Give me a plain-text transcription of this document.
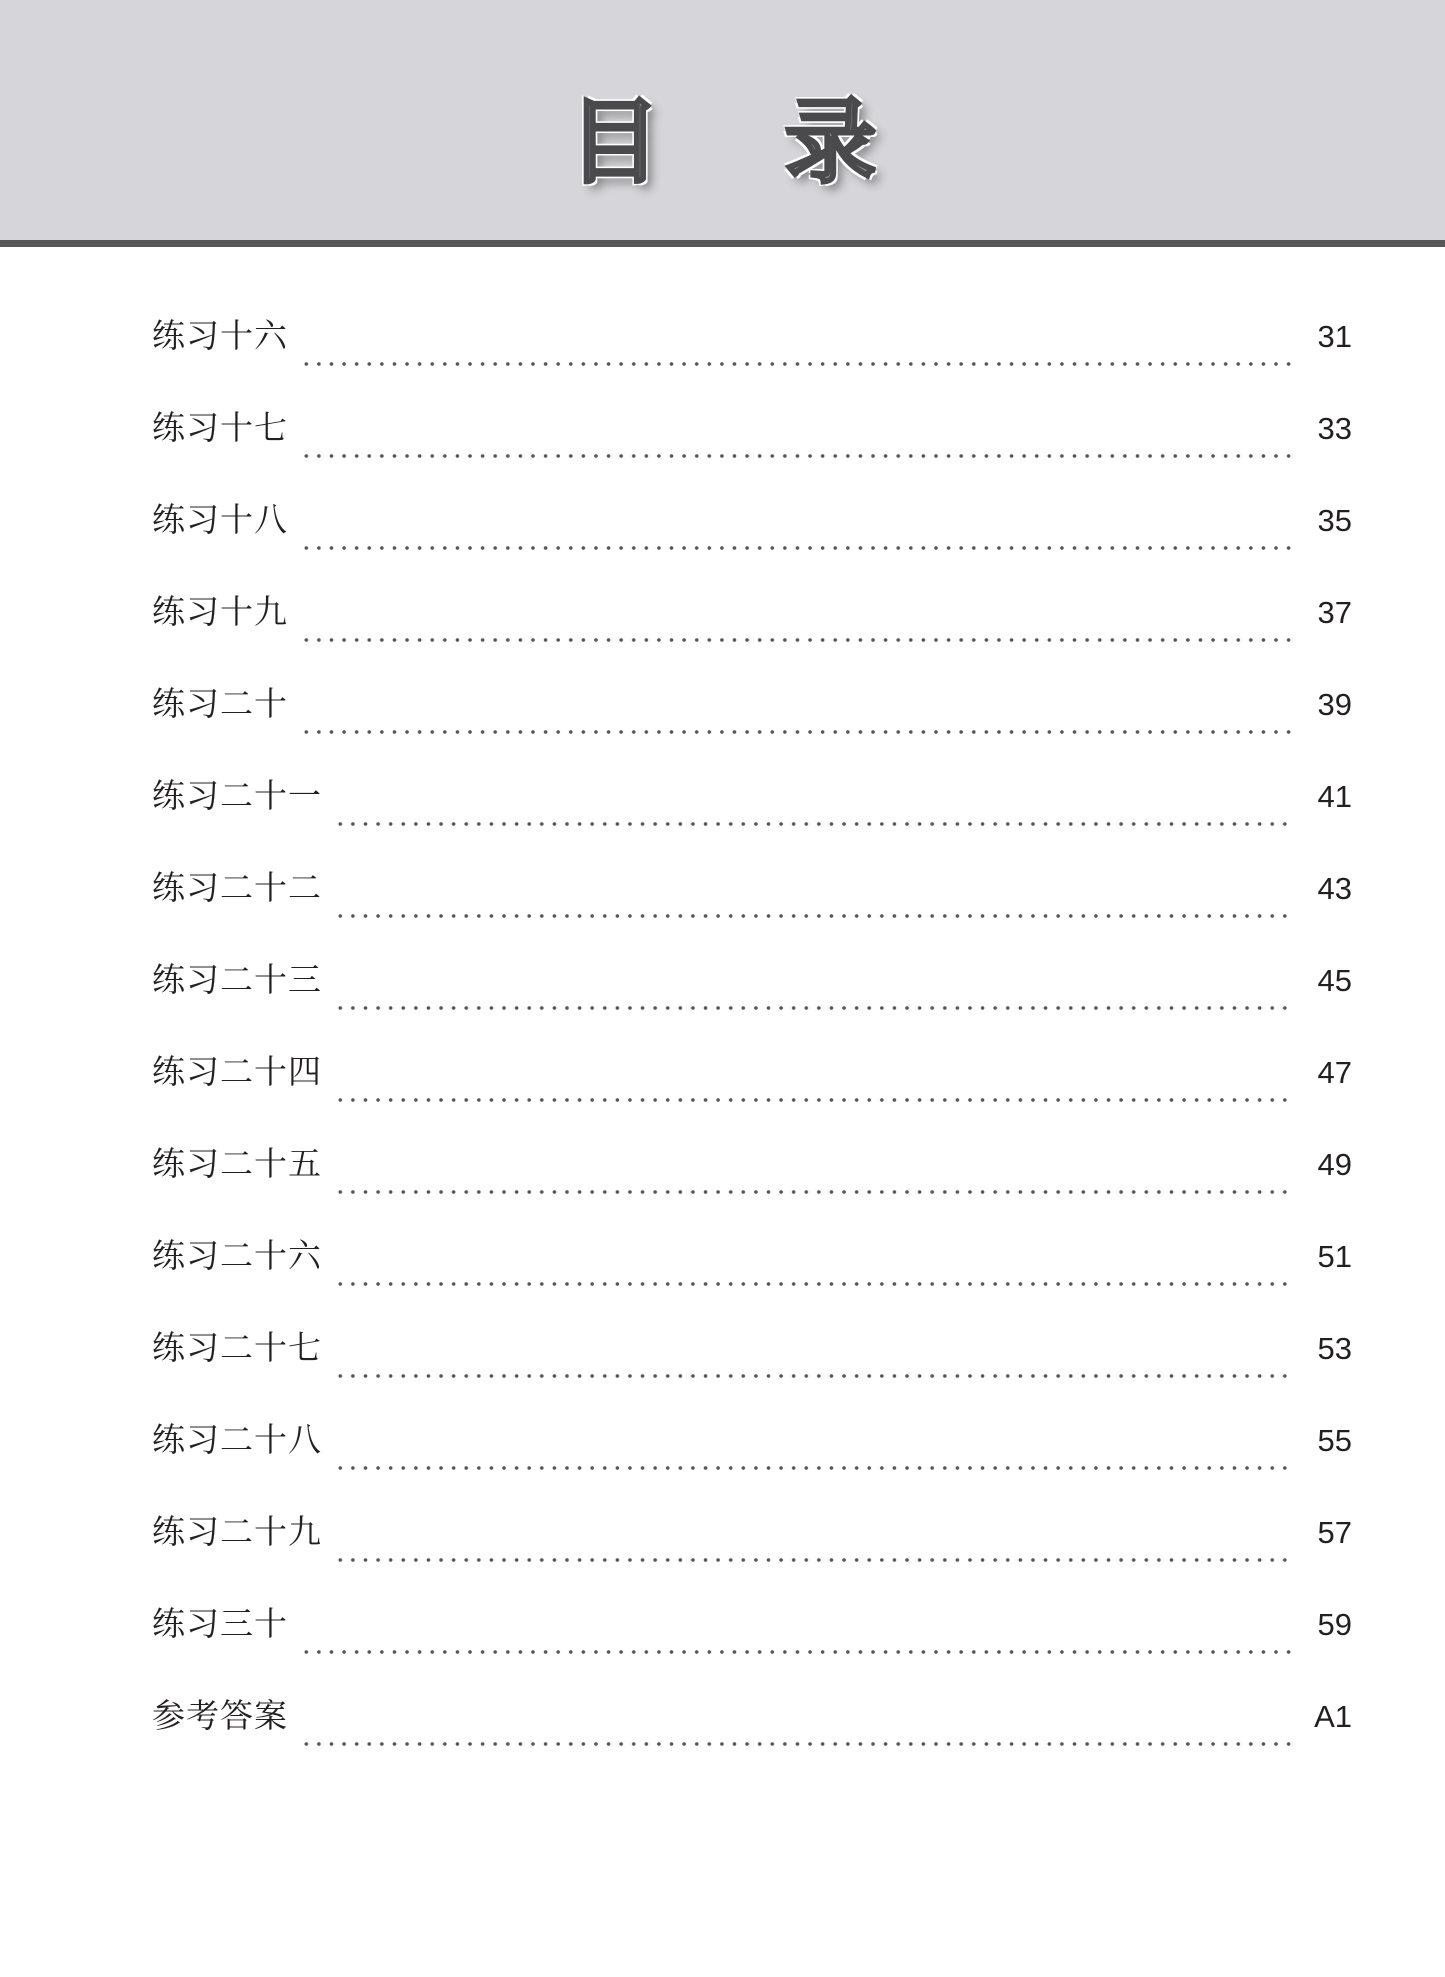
目 录
练习十六	31
练习十七	33
练习十八	35
练习十九	37
练习二十	39
练习二十一	41
练习二十二	43
练习二十三	45
练习二十四	47
练习二十五	49
练习二十六	51
练习二十七	53
练习二十八	55
练习二十九	57
练习三十	59
参考答案	A1
